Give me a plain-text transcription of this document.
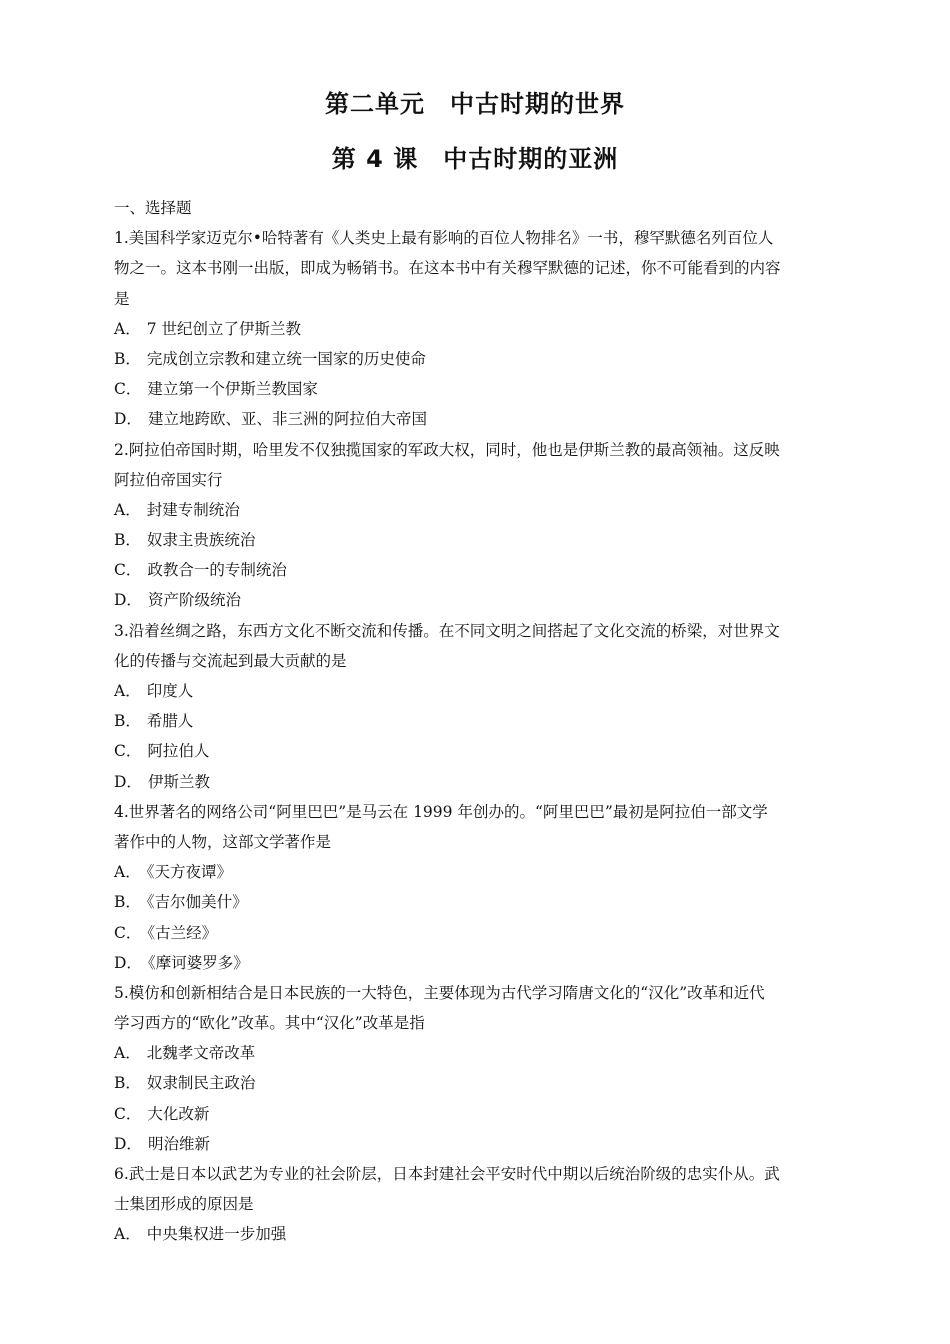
第二单元　中古时期的世界
第 4 课　中古时期的亚洲
一、选择题
1.美国科学家迈克尔•哈特著有《人类史上最有影响的百位人物排名》一书，穆罕默德名列百位人
物之一。这本书刚一出版，即成为畅销书。在这本书中有关穆罕默德的记述，你不可能看到的内容
是
A． 7 世纪创立了伊斯兰教
B． 完成创立宗教和建立统一国家的历史使命
C． 建立第一个伊斯兰教国家
D． 建立地跨欧、亚、非三洲的阿拉伯大帝国
2.阿拉伯帝国时期，哈里发不仅独揽国家的军政大权，同时，他也是伊斯兰教的最高领袖。这反映
阿拉伯帝国实行
A． 封建专制统治
B． 奴隶主贵族统治
C． 政教合一的专制统治
D． 资产阶级统治
3.沿着丝绸之路，东西方文化不断交流和传播。在不同文明之间搭起了文化交流的桥梁，对世界文
化的传播与交流起到最大贡献的是
A． 印度人
B． 希腊人
C． 阿拉伯人
D． 伊斯兰教
4.世界著名的网络公司“阿里巴巴”是马云在 1999 年创办的。“阿里巴巴”最初是阿拉伯一部文学
著作中的人物，这部文学著作是
A． 《天方夜谭》
B． 《吉尔伽美什》
C． 《古兰经》
D． 《摩诃婆罗多》
5.模仿和创新相结合是日本民族的一大特色，主要体现为古代学习隋唐文化的“汉化”改革和近代
学习西方的“欧化”改革。其中“汉化”改革是指
A． 北魏孝文帝改革
B． 奴隶制民主政治
C． 大化改新
D． 明治维新
6.武士是日本以武艺为专业的社会阶层，日本封建社会平安时代中期以后统治阶级的忠实仆从。武
士集团形成的原因是
A． 中央集权进一步加强
